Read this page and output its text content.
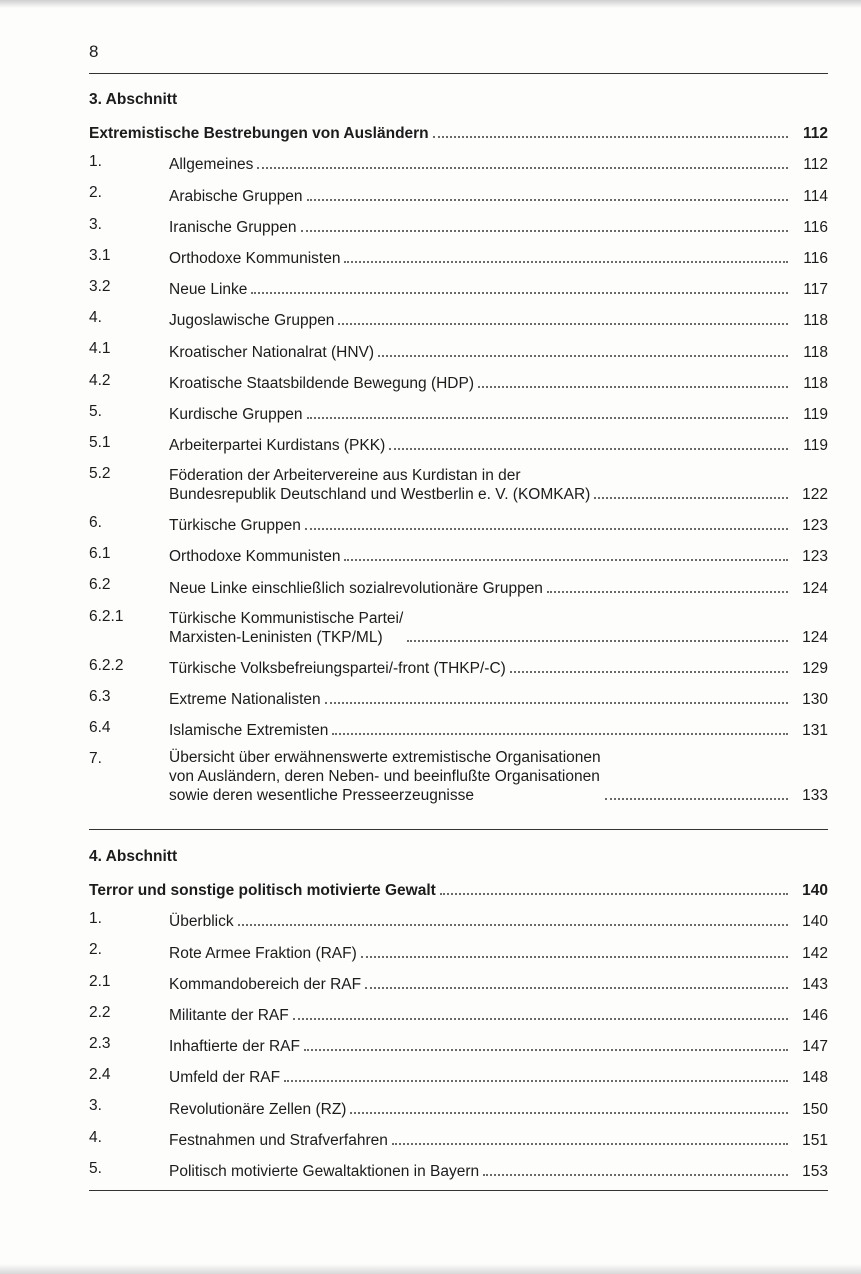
8
3. Abschnitt
Extremistische Bestrebungen von Ausländern	112
1.	Allgemeines	112
2.	Arabische Gruppen	114
3.	Iranische Gruppen	116
3.1	Orthodoxe Kommunisten	116
3.2	Neue Linke	117
4.	Jugoslawische Gruppen	118
4.1	Kroatischer Nationalrat (HNV)	118
4.2	Kroatische Staatsbildende Bewegung (HDP)	118
5.	Kurdische Gruppen	119
5.1	Arbeiterpartei Kurdistans (PKK)	119
5.2	Föderation der Arbeitervereine aus Kurdistan in der
Bundesrepublik Deutschland und Westberlin e. V. (KOMKAR)	122
6.	Türkische Gruppen	123
6.1	Orthodoxe Kommunisten	123
6.2	Neue Linke einschließlich sozialrevolutionäre Gruppen	124
6.2.1	Türkische Kommunistische Partei/
Marxisten-Leninisten (TKP/ML)	124
6.2.2	Türkische Volksbefreiungspartei/-front (THKP/-C)	129
6.3	Extreme Nationalisten	130
6.4	Islamische Extremisten	131
7.	Übersicht über erwähnenswerte extremistische Organisationen
von Ausländern, deren Neben- und beeinflußte Organisationen
sowie deren wesentliche Presseerzeugnisse	133
4. Abschnitt
Terror und sonstige politisch motivierte Gewalt	140
1.	Überblick	140
2.	Rote Armee Fraktion (RAF)	142
2.1	Kommandobereich der RAF	143
2.2	Militante der RAF	146
2.3	Inhaftierte der RAF	147
2.4	Umfeld der RAF	148
3.	Revolutionäre Zellen (RZ)	150
4.	Festnahmen und Strafverfahren	151
5.	Politisch motivierte Gewaltaktionen in Bayern	153
